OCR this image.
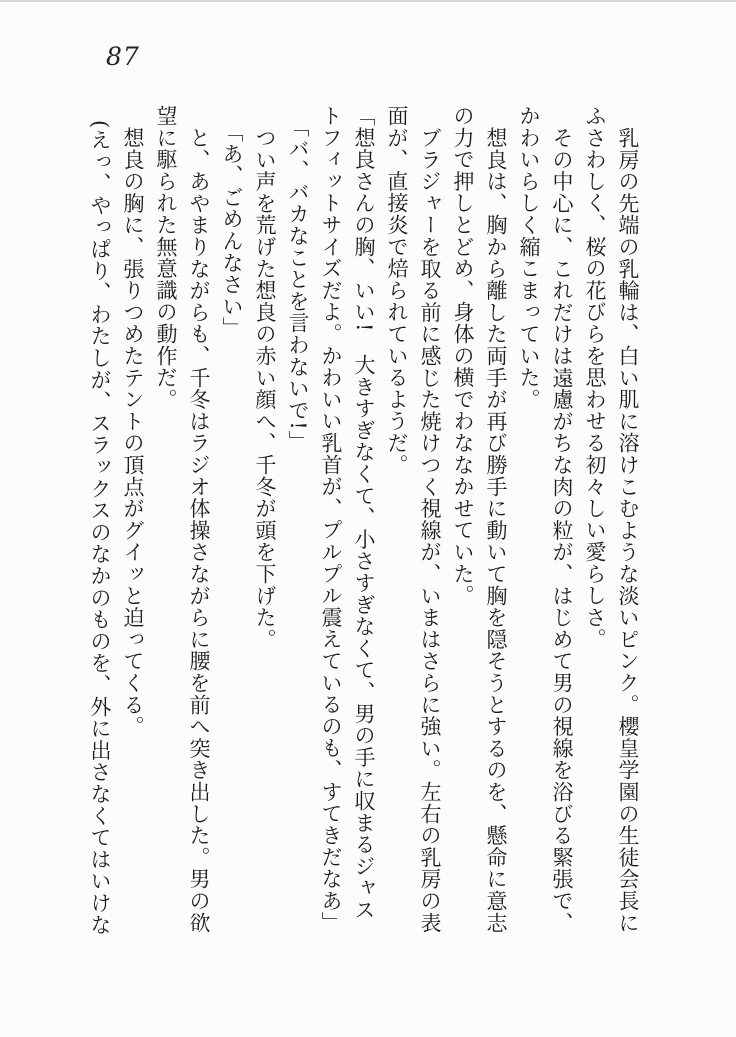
87
乳房の先端の乳輪は、白い肌に溶けこむような淡いピンク。櫻皇学園の生徒会長に
ふさわしく、桜の花びらを思わせる初々しい愛らしさ。
その中心に、これだけは遠慮がちな肉の粒が、はじめて男の視線を浴びる緊張で、
かわいらしく縮こまっていた。
想良は、胸から離した両手が再び勝手に動いて胸を隠そうとするのを、懸命に意志
の力で押しとどめ、身体の横でわななかせていた。
ブラジャーを取る前に感じた焼けつく視線が、いまはさらに強い。左右の乳房の表
面が、直接炎で焙られているようだ。
「想良さんの胸、いい!　大きすぎなくて、小さすぎなくて、男の手に収まるジャス
トフィットサイズだよ。かわいい乳首が、プルプル震えているのも、すてきだなあ」
「バ、バカなことを言わないで!」
つい声を荒げた想良の赤い顔へ、千冬が頭を下げた。
「あ、ごめんなさい」
と、あやまりながらも、千冬はラジオ体操さながらに腰を前へ突き出した。男の欲
望に駆られた無意識の動作だ。
想良の胸に、張りつめたテントの頂点がグイッと迫ってくる。
(えっ、やっぱり、わたしが、スラックスのなかのものを、外に出さなくてはいけな
